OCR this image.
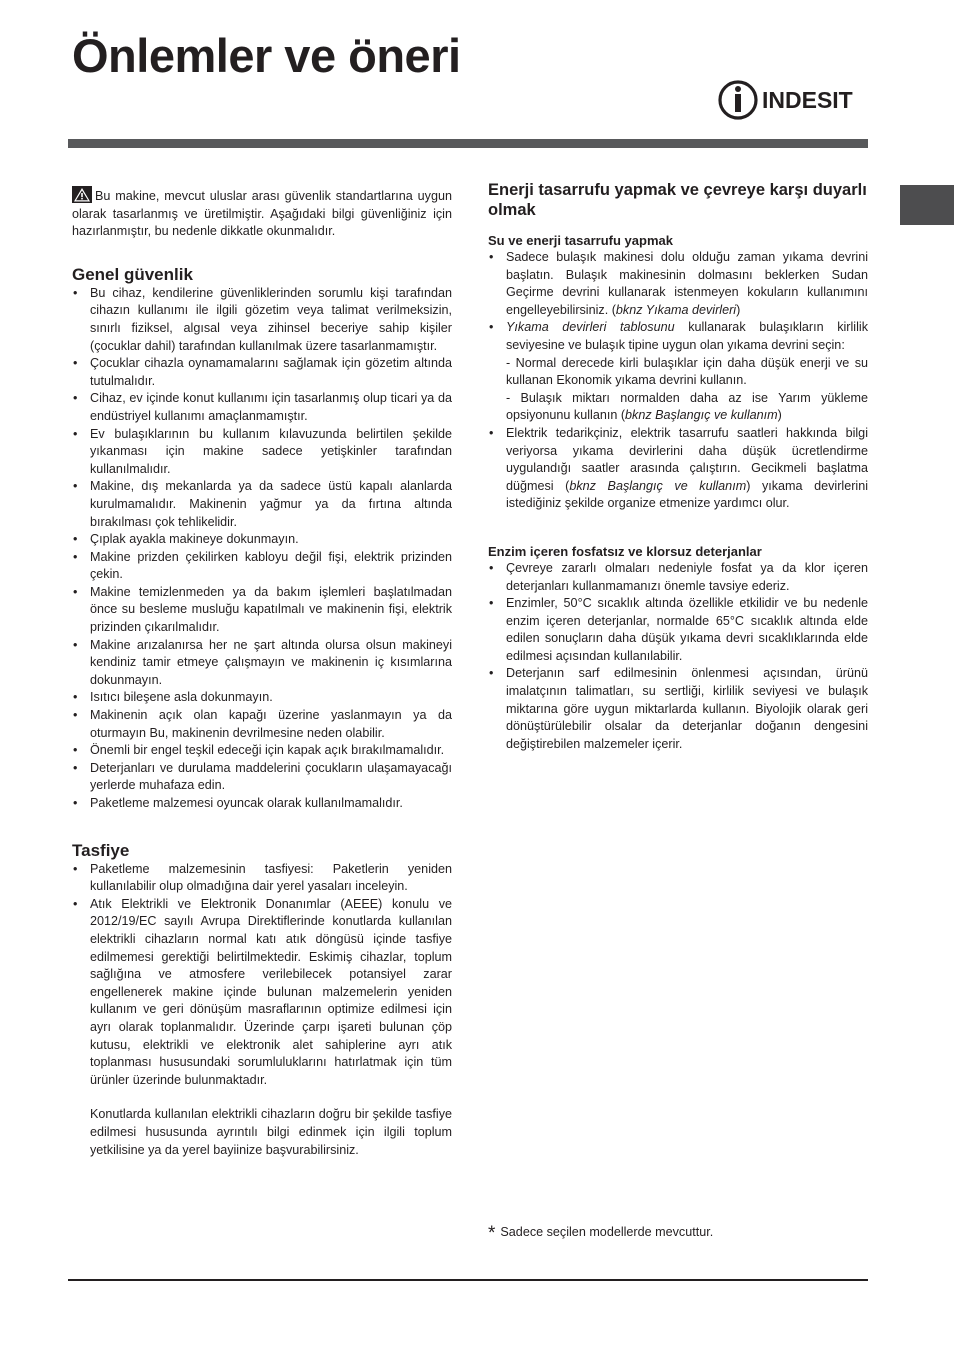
Önlemler ve öneri
INDESIT

Bu makine, mevcut uluslar arası güvenlik standartlarına uygun olarak tasarlanmış ve üretilmiştir. Aşağıdaki bilgi güvenliğiniz için hazırlanmıştır, bu nedenle dikkatle okunmalıdır.

Genel güvenlik
• Bu cihaz, kendilerine güvenliklerinden sorumlu kişi tarafından cihazın kullanımı ile ilgili gözetim veya talimat verilmeksizin, sınırlı fiziksel, algısal veya zihinsel beceriye sahip kişiler (çocuklar dahil) tarafından kullanılmak üzere tasarlanmamıştır.
• Çocuklar cihazla oynamamalarını sağlamak için gözetim altında tutulmalıdır.
• Cihaz, ev içinde konut kullanımı için tasarlanmış olup ticari ya da endüstriyel kullanımı amaçlanmamıştır.
• Ev bulaşıklarının bu kullanım kılavuzunda belirtilen şekilde yıkanması için makine sadece yetişkinler tarafından kullanılmalıdır.
• Makine, dış mekanlarda ya da sadece üstü kapalı alanlarda kurulmamalıdır. Makinenin yağmur ya da fırtına altında bırakılması çok tehlikelidir.
• Çıplak ayakla makineye dokunmayın.
• Makine prizden çekilirken kabloyu değil fişi, elektrik prizinden çekin.
• Makine temizlenmeden ya da bakım işlemleri başlatılmadan önce su besleme musluğu kapatılmalı ve makinenin fişi, elektrik prizinden çıkarılmalıdır.
• Makine arızalanırsa her ne şart altında olursa olsun makineyi kendiniz tamir etmeye çalışmayın ve makinenin iç kısımlarına dokunmayın.
• Isıtıcı bileşene asla dokunmayın.
• Makinenin açık olan kapağı üzerine yaslanmayın ya da oturmayın Bu, makinenin devrilmesine neden olabilir.
• Önemli bir engel teşkil edeceği için kapak açık bırakılmamalıdır.
• Deterjanları ve durulama maddelerini çocukların ulaşamayacağı yerlerde muhafaza edin.
• Paketleme malzemesi oyuncak olarak kullanılmamalıdır.
Tasfiye
• Paketleme malzemesinin tasfiyesi: Paketlerin yeniden kullanılabilir olup olmadığına dair yerel yasaları inceleyin.
• Atık Elektrikli ve Elektronik Donanımlar (AEEE) konulu ve 2012/19/EC sayılı Avrupa Direktiflerinde konutlarda kullanılan elektrikli cihazların normal katı atık döngüsü içinde tasfiye edilmemesi gerektiği belirtilmektedir. Eskimiş cihazlar, toplum sağlığına ve atmosfere verilebilecek potansiyel zarar engellenerek makine içinde bulunan malzemelerin yeniden kullanım ve geri dönüşüm masraflarının optimize edilmesi için ayrı olarak toplanmalıdır. Üzerinde çarpı işareti bulunan çöp kutusu, elektrikli ve elektronik alet sahiplerine ayrı atık toplanması hususundaki sorumluluklarını hatırlatmak için tüm ürünler üzerinde bulunmaktadır.

Konutlarda kullanılan elektrikli cihazların doğru bir şekilde tasfiye edilmesi hususunda ayrıntılı bilgi edinmek için ilgili toplum yetkilisine ya da yerel bayiinize başvurabilirsiniz.

Enerji tasarrufu yapmak ve çevreye karşı duyarlı olmak
Su ve enerji tasarrufu yapmak
• Sadece bulaşık makinesi dolu olduğu zaman yıkama devrini başlatın. Bulaşık makinesinin dolmasını beklerken Sudan Geçirme devrini kullanarak istenmeyen kokuların kullanımını engelleyebilirsiniz. (bknz Yıkama devirleri)
• Yıkama devirleri tablosunu kullanarak bulaşıkların kirlilik seviyesine ve bulaşık tipine uygun olan yıkama devrini seçin:
- Normal derecede kirli bulaşıklar için daha düşük enerji ve su kullanan Ekonomik yıkama devrini kullanın.
- Bulaşık miktarı normalden daha az ise Yarım yükleme opsiyonunu kullanın (bknz Başlangıç ve kullanım)
• Elektrik tedarikçiniz, elektrik tasarrufu saatleri hakkında bilgi veriyorsa yıkama devirlerini daha düşük ücretlendirme uygulandığı saatler arasında çalıştırın. Gecikmeli başlatma düğmesi (bknz Başlangıç ve kullanım) yıkama devirlerini istediğiniz şekilde organize etmenize yardımcı olur.
Enzim içeren fosfatsız ve klorsuz deterjanlar
• Çevreye zararlı olmaları nedeniyle fosfat ya da klor içeren deterjanları kullanmamanızı önemle tavsiye ederiz.
• Enzimler, 50°C sıcaklık altında özellikle etkilidir ve bu nedenle enzim içeren deterjanlar, normalde 65°C sıcaklık altında elde edilen sonuçların daha düşük yıkama devri sıcaklıklarında elde edilmesi açısından kullanılabilir.
• Deterjanın sarf edilmesinin önlenmesi açısından, ürünü imalatçının talimatları, su sertliği, kirlilik seviyesi ve bulaşık miktarına göre uygun miktarlarda kullanın. Biyolojik olarak geri dönüştürülebilir olsalar da deterjanlar doğanın dengesini değiştirebilen malzemeler içerir.
* Sadece seçilen modellerde mevcuttur.
